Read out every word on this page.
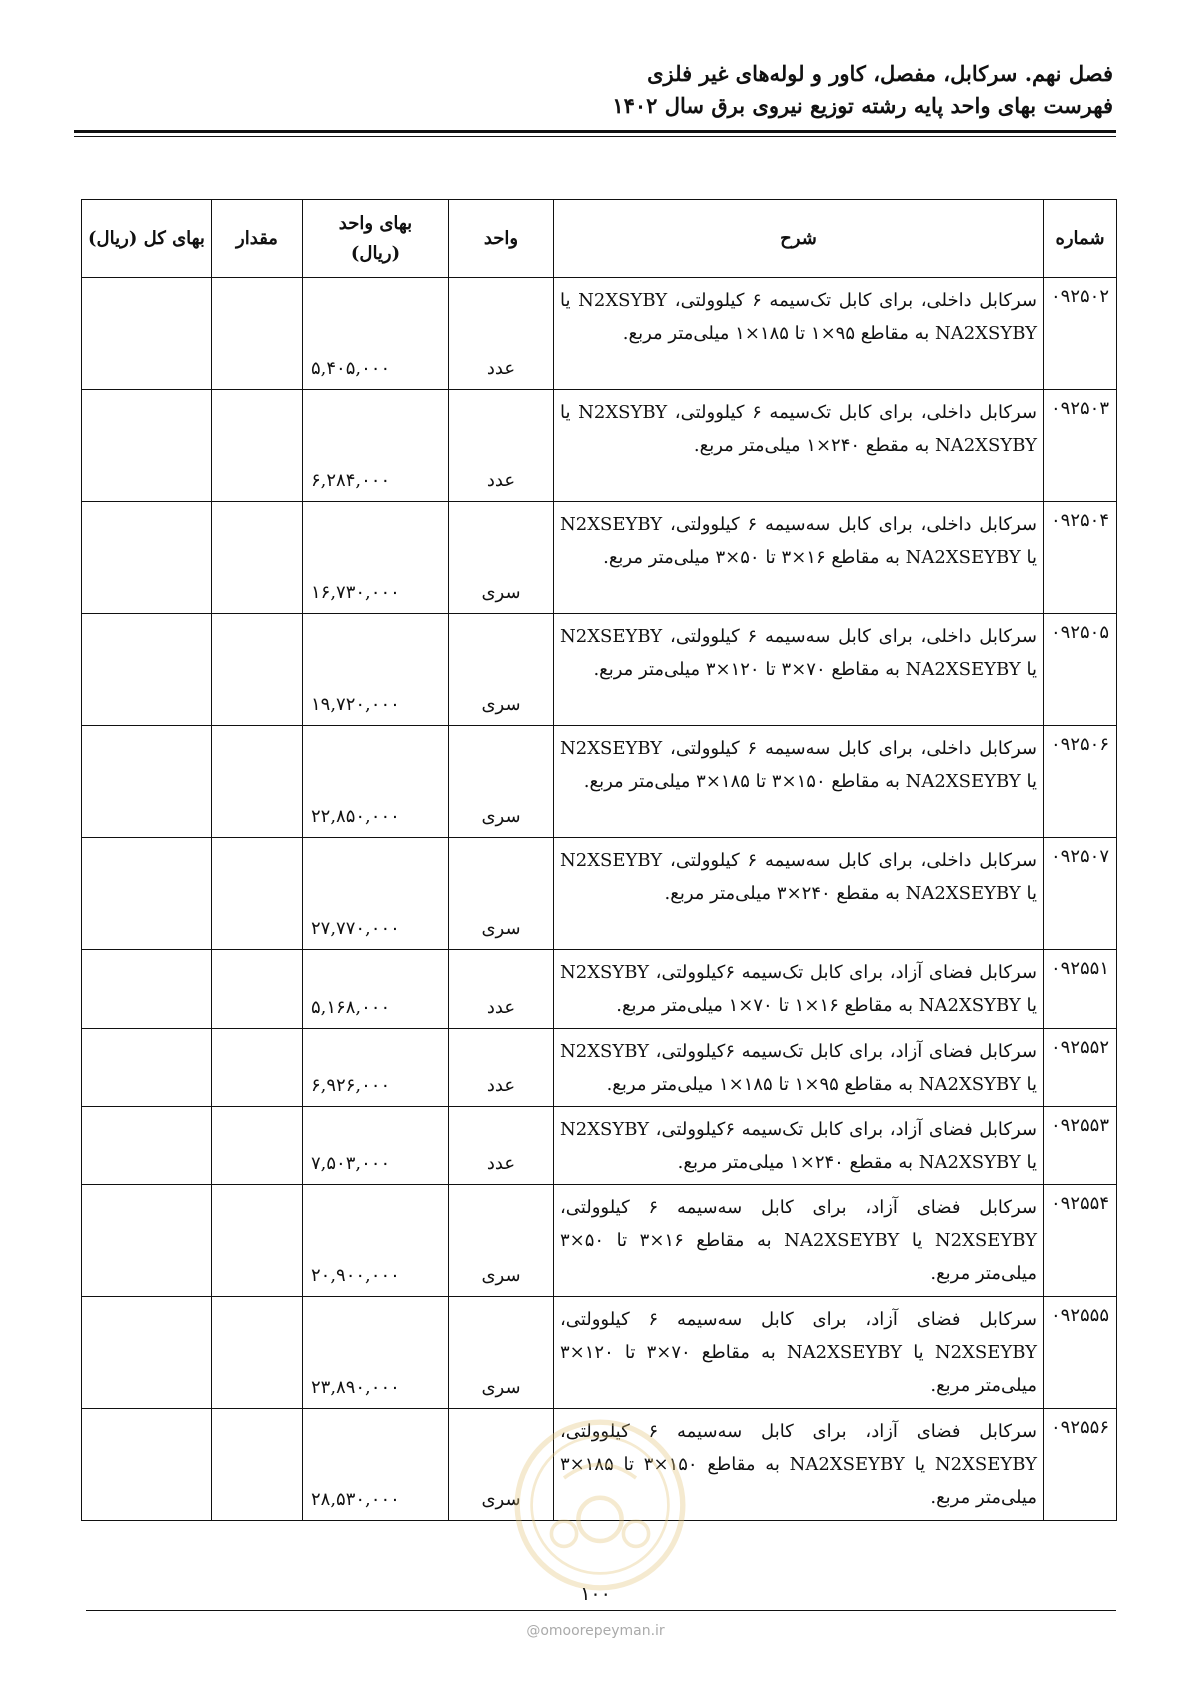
فصل نهم. سرکابل، مفصل، کاور و لوله‌های غیر فلزی
فهرست بهای واحد پایه رشته توزیع نیروی برق سال ۱۴۰۲
شماره	شرح	واحد	بهای واحد (ریال)	مقدار	بهای کل (ریال)
۰۹۲۵۰۲	سرکابل داخلی، برای کابل تک‌سیمه ۶ کیلوولتی، N2XSYBY یا NA2XSYBY به مقاطع ۹۵×۱ تا ۱۸۵×۱ میلی‌متر مربع.	عدد	۵,۴۰۵,۰۰۰		
۰۹۲۵۰۳	سرکابل داخلی، برای کابل تک‌سیمه ۶ کیلوولتی، N2XSYBY یا NA2XSYBY به مقطع ۲۴۰×۱ میلی‌متر مربع.	عدد	۶,۲۸۴,۰۰۰		
۰۹۲۵۰۴	سرکابل داخلی، برای کابل سه‌سیمه ۶ کیلوولتی، N2XSEYBY یا NA2XSEYBY به مقاطع ۱۶×۳ تا ۵۰×۳ میلی‌متر مربع.	سری	۱۶,۷۳۰,۰۰۰		
۰۹۲۵۰۵	سرکابل داخلی، برای کابل سه‌سیمه ۶ کیلوولتی، N2XSEYBY یا NA2XSEYBY به مقاطع ۷۰×۳ تا ۱۲۰×۳ میلی‌متر مربع.	سری	۱۹,۷۲۰,۰۰۰		
۰۹۲۵۰۶	سرکابل داخلی، برای کابل سه‌سیمه ۶ کیلوولتی، N2XSEYBY یا NA2XSEYBY به مقاطع ۱۵۰×۳ تا ۱۸۵×۳ میلی‌متر مربع.	سری	۲۲,۸۵۰,۰۰۰		
۰۹۲۵۰۷	سرکابل داخلی، برای کابل سه‌سیمه ۶ کیلوولتی، N2XSEYBY یا NA2XSEYBY به مقطع ۲۴۰×۳ میلی‌متر مربع.	سری	۲۷,۷۷۰,۰۰۰		
۰۹۲۵۵۱	سرکابل فضای آزاد، برای کابل تک‌سیمه ۶کیلوولتی، N2XSYBY یا NA2XSYBY به مقاطع ۱۶×۱ تا ۷۰×۱ میلی‌متر مربع.	عدد	۵,۱۶۸,۰۰۰		
۰۹۲۵۵۲	سرکابل فضای آزاد، برای کابل تک‌سیمه ۶کیلوولتی، N2XSYBY یا NA2XSYBY به مقاطع ۹۵×۱ تا ۱۸۵×۱ میلی‌متر مربع.	عدد	۶,۹۲۶,۰۰۰		
۰۹۲۵۵۳	سرکابل فضای آزاد، برای کابل تک‌سیمه ۶کیلوولتی، N2XSYBY یا NA2XSYBY به مقطع ۲۴۰×۱ میلی‌متر مربع.	عدد	۷,۵۰۳,۰۰۰		
۰۹۲۵۵۴	سرکابل فضای آزاد، برای کابل سه‌سیمه ۶ کیلوولتی، N2XSEYBY یا NA2XSEYBY به مقاطع ۱۶×۳ تا ۵۰×۳ میلی‌متر مربع.	سری	۲۰,۹۰۰,۰۰۰		
۰۹۲۵۵۵	سرکابل فضای آزاد، برای کابل سه‌سیمه ۶ کیلوولتی، N2XSEYBY یا NA2XSEYBY به مقاطع ۷۰×۳ تا ۱۲۰×۳ میلی‌متر مربع.	سری	۲۳,۸۹۰,۰۰۰		
۰۹۲۵۵۶	سرکابل فضای آزاد، برای کابل سه‌سیمه ۶ کیلوولتی، N2XSEYBY یا NA2XSEYBY به مقاطع ۱۵۰×۳ تا ۱۸۵×۳ میلی‌متر مربع.	سری	۲۸,۵۳۰,۰۰۰		
۱۰۰
@omoorepeyman.ir
